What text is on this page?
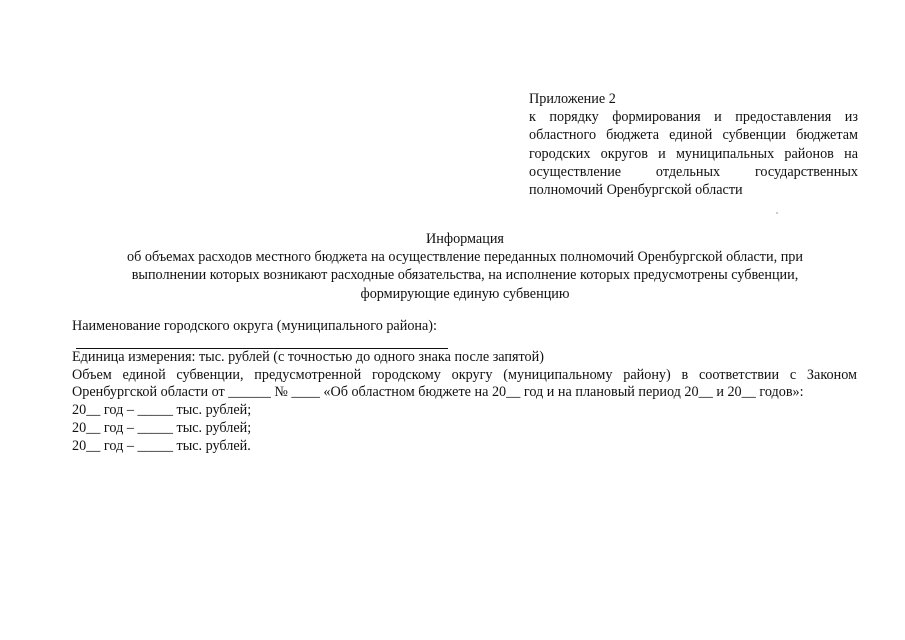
Приложение 2
к порядку формирования и предоставления из
областного бюджета единой субвенции бюджетам
городских округов и муниципальных районов на
осуществление отдельных государственных
полномочий Оренбургской области
Информация
об объемах расходов местного бюджета на осуществление переданных полномочий Оренбургской области, при
выполнении которых возникают расходные обязательства, на исполнение которых предусмотрены субвенции,
формирующие единую субвенцию
Наименование городского округа (муниципального района):
Единица измерения: тыс. рублей (с точностью до одного знака после запятой)
Объем единой субвенции, предусмотренной городскому округу (муниципальному району) в соответствии с Законом
Оренбургской области от ______ № ____ «Об областном бюджете на 20__ год и на плановый период 20__ и 20__ годов»:
20__ год – _____ тыс. рублей;
20__ год – _____ тыс. рублей;
20__ год – _____ тыс. рублей.
